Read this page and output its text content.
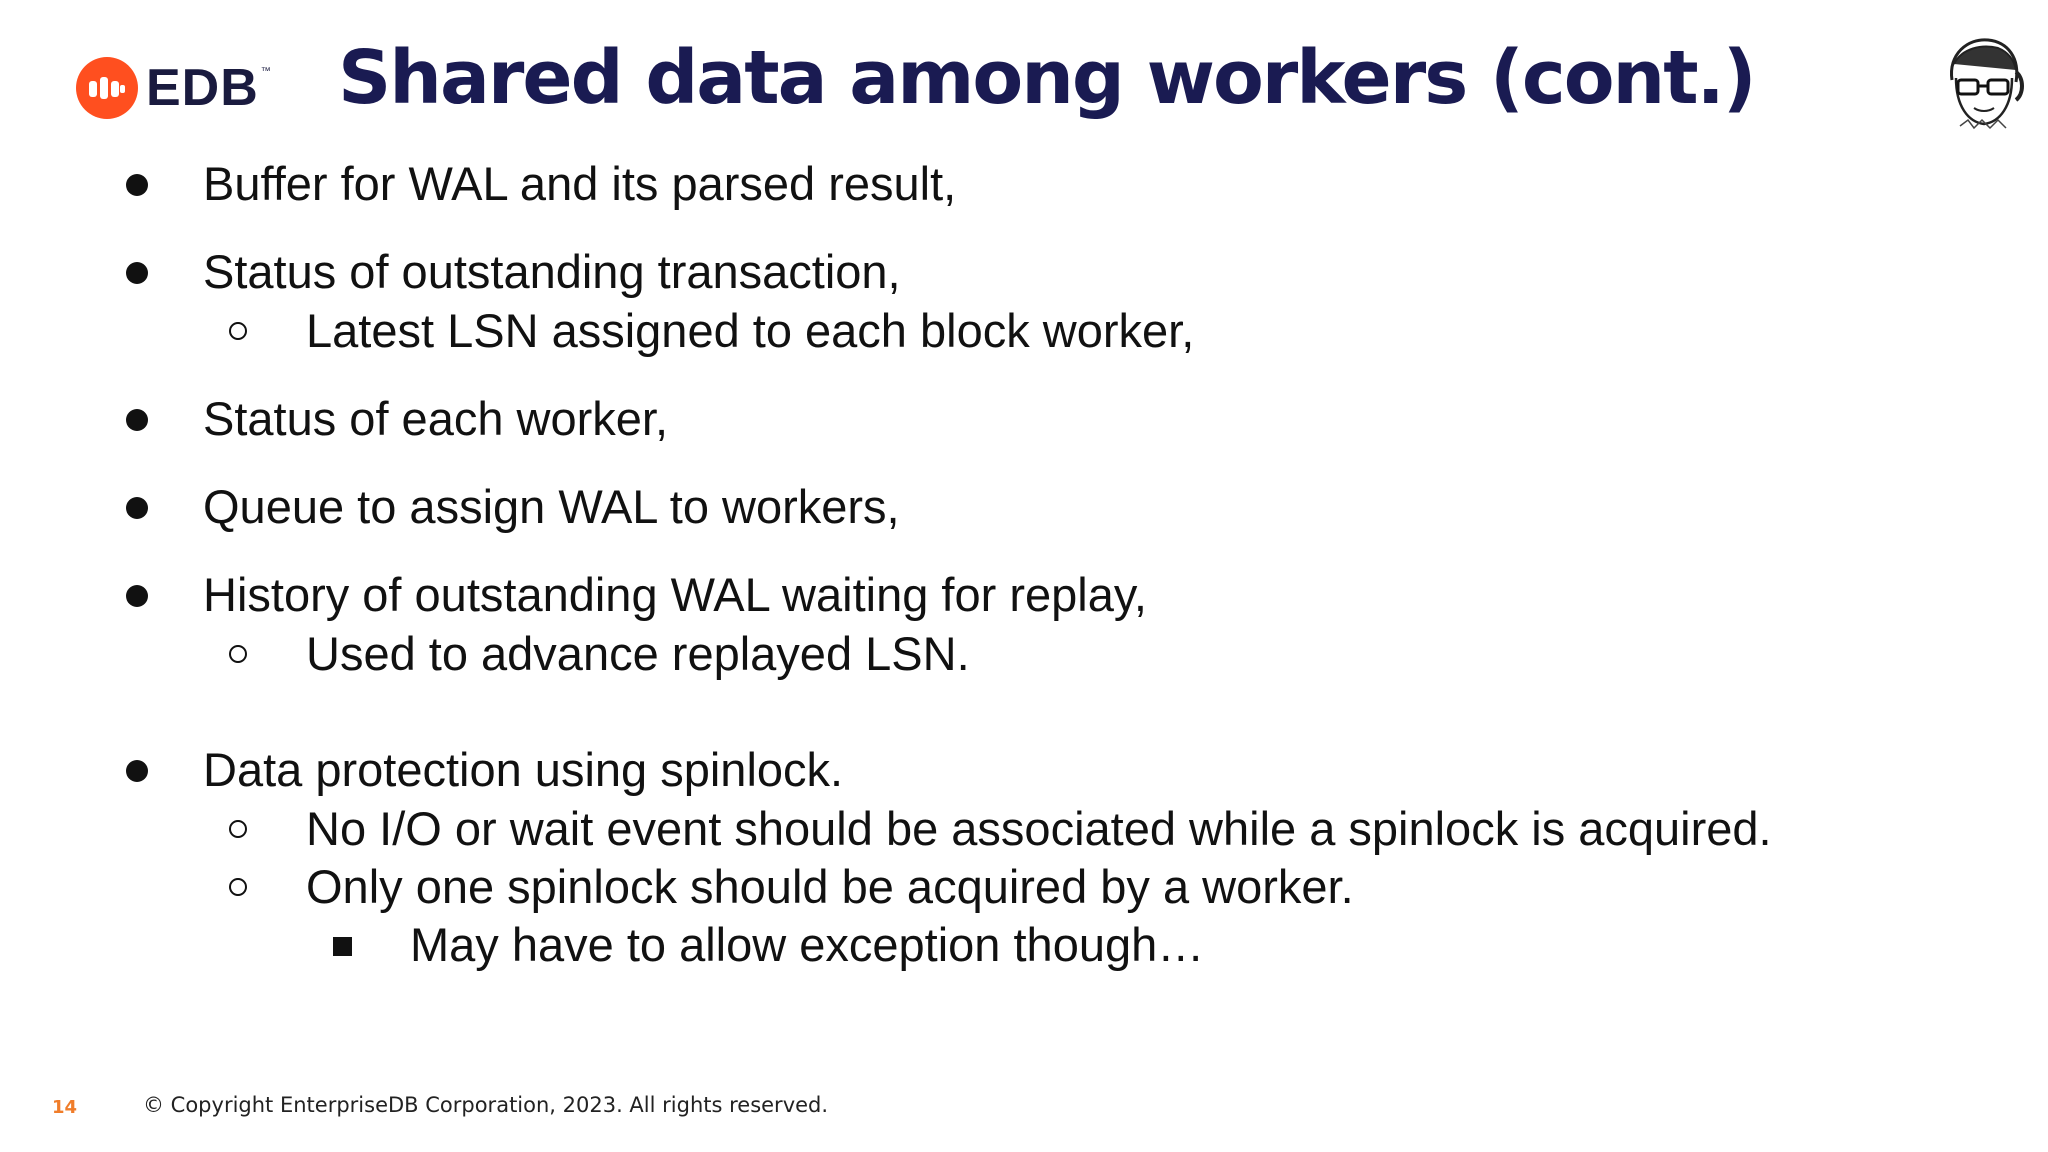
EDB ™ Shared data among workers (cont.)
Buffer for WAL and its parsed result,
Status of outstanding transaction,
Latest LSN assigned to each block worker,
Status of each worker,
Queue to assign WAL to workers,
History of outstanding WAL waiting for replay,
Used to advance replayed LSN.
Data protection using spinlock.
No I/O or wait event should be associated while a spinlock is acquired.
Only one spinlock should be acquired by a worker.
May have to allow exception though…
14	© Copyright EnterpriseDB Corporation, 2023. All rights reserved.
